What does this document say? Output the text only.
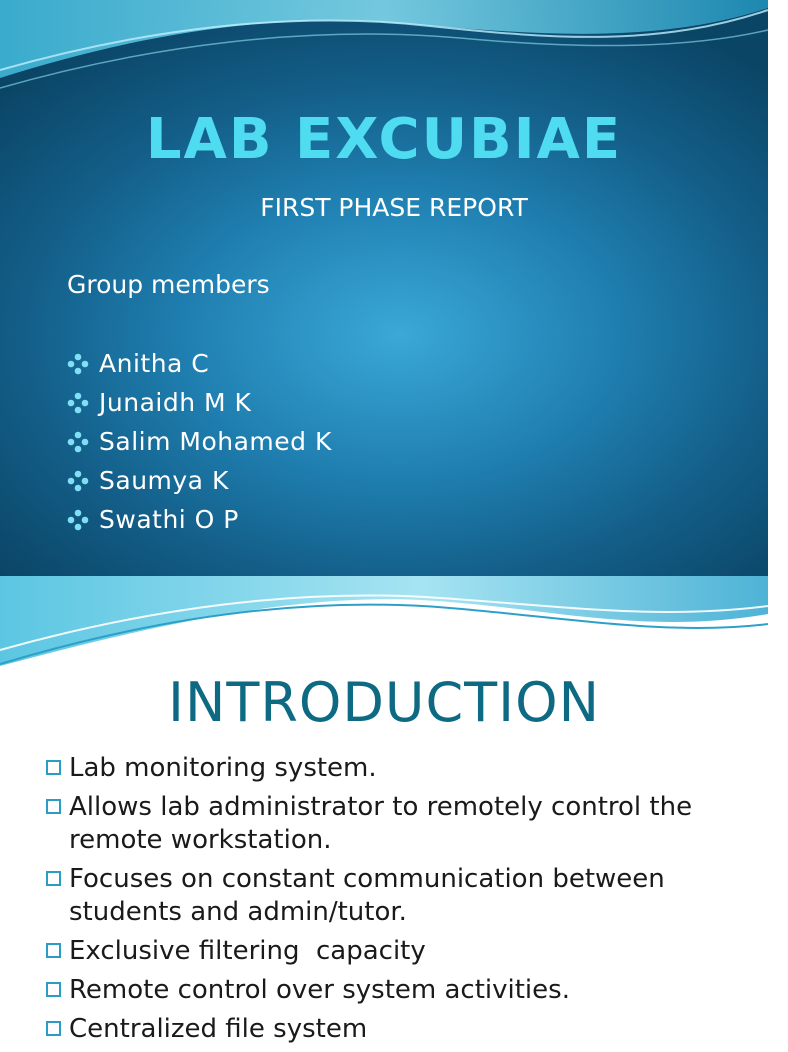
LAB EXCUBIAE

FIRST PHASE REPORT

Group members

Anitha C
Junaidh M K
Salim Mohamed K
Saumya K
Swathi O P
INTRODUCTION
Lab monitoring system.
Allows lab administrator to remotely control the remote workstation.
Focuses on constant communication between students and admin/tutor.
Exclusive filtering  capacity
Remote control over system activities.
Centralized file system
